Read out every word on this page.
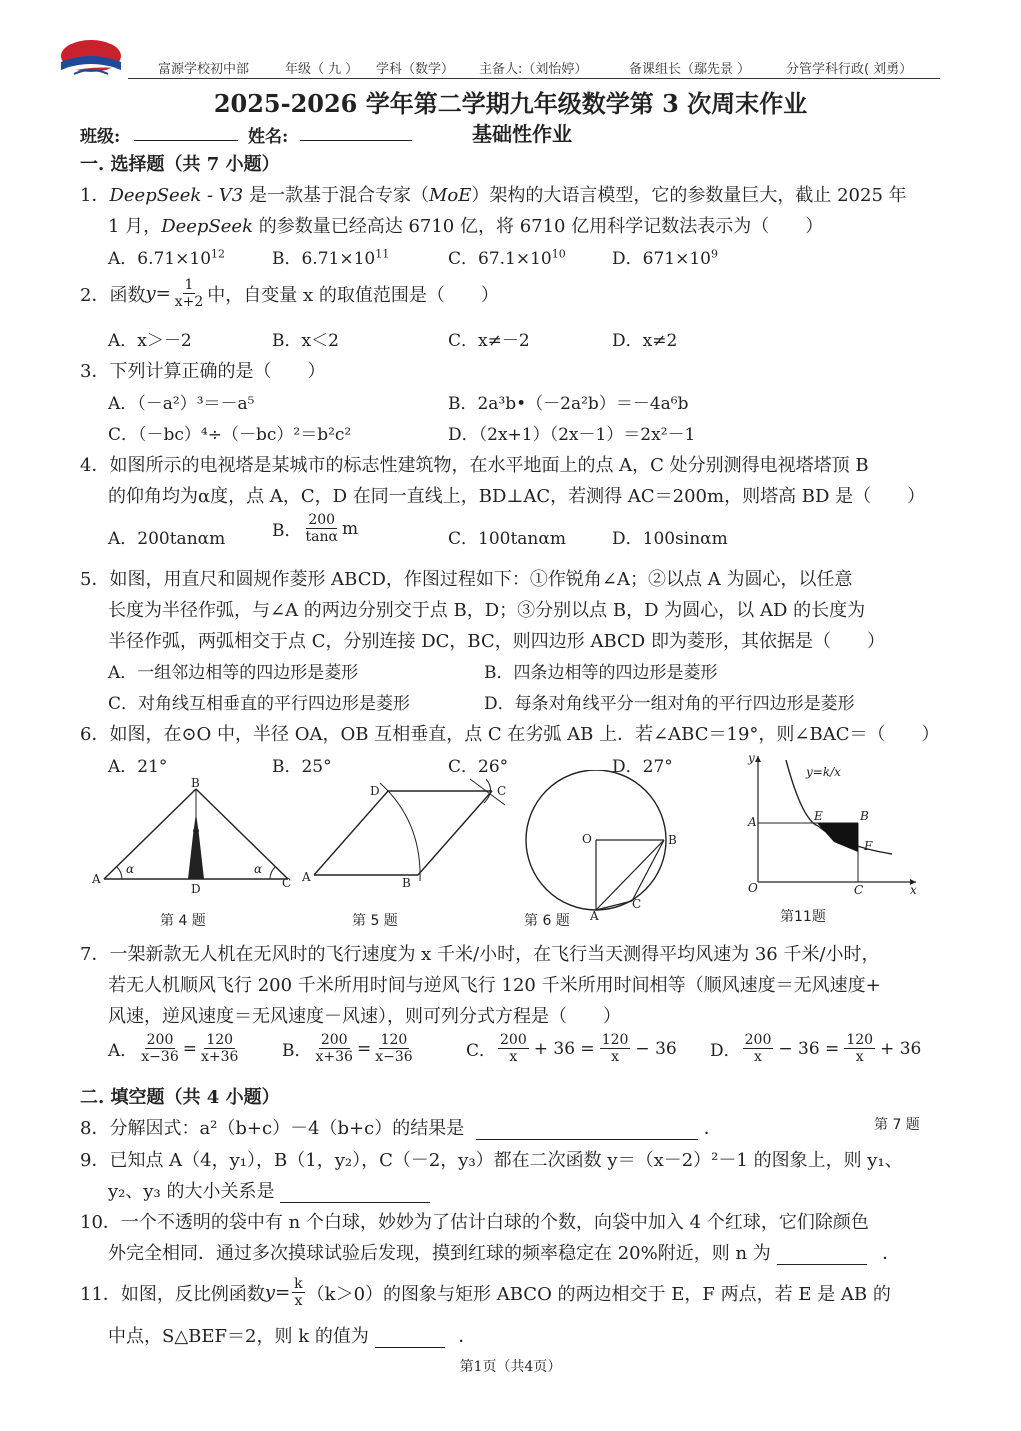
富源学校初中部	年级（ 九 ） 学科（数学） 主备人:（刘怡婷）	备课组长（鄢先景 ）	分管学科行政( 刘勇）
2025-2026 学年第二学期九年级数学第 3 次周末作业
班级:	姓名:	基础性作业
一. 选择题（共 7 小题）
1．DeepSeek - V3 是一款基于混合专家（MoE）架构的大语言模型，它的参数量巨大，截止 2025 年
1 月，DeepSeek 的参数量已经高达 6710 亿，将 6710 亿用科学记数法表示为（　　）
A．$6.71\times 10^{12}$	B．$6.71\times 10^{11}$	C．$67.1\times 10^{10}$	D．$671\times 10^9$
2．函数 $y = \frac{1}{x+2}$ 中，自变量 x 的取值范围是（　　）
A．x＞－2	B．x＜2	C．x≠－2	D．x≠2
3．下列计算正确的是（　　）
A．（－a²）³＝－a⁵	B．2a³b•（－2a²b）＝－4a⁶b
C．（－bc）⁴÷（－bc）²＝b²c²	D．（2x+1）（2x－1）＝2x²－1
4．如图所示的电视塔是某城市的标志性建筑物，在水平地面上的点 A，C 处分别测得电视塔塔顶 B
的仰角均为α度，点 A，C，D 在同一直线上，BD⊥AC，若测得 AC＝200m，则塔高 BD 是（　　）
A．200tanαm	B． $\frac{200}{\tan\alpha}$ m
C．100tanαm	D．100sinαm
5．如图，用直尺和圆规作菱形 ABCD，作图过程如下：①作锐角∠A；②以点 A 为圆心，以任意
长度为半径作弧，与∠A 的两边分别交于点 B，D；③分别以点 B，D 为圆心，以 AD 的长度为
半径作弧，两弧相交于点 C，分别连接 DC，BC，则四边形 ABCD 即为菱形，其依据是（　　）
A．一组邻边相等的四边形是菱形	B．四条边相等的四边形是菱形
C．对角线互相垂直的平行四边形是菱形	D．每条对角线平分一组对角的平行四边形是菱形
6．如图，在⊙O 中，半径 OA，OB 互相垂直，点 C 在劣弧 AB 上．若∠ABC＝19°，则∠BAC＝（　　）
A．21°	B．25°	C．26°	D．27°
A
B
C
D
α	α
第 4 题
A	B
C
D
第 5 题
O
A
B
C
第 6 题
y
x
O
A	E	B
F
C
y=k/x
第11题
7．一架新款无人机在无风时的飞行速度为 x 千米/小时，在飞行当天测得平均风速为 36 千米/小时，
若无人机顺风飞行 200 千米所用时间与逆风飞行 120 千米所用时间相等（顺风速度＝无风速度+
风速，逆风速度＝无风速度－风速），则可列分式方程是（　　）
A． $\frac{200}{x-36} = \frac{120}{x+36}$ B． $\frac{200}{x+36} = \frac{120}{x-36}$	C． $\frac{200}{x} + 36 = \frac{120}{x} - 36$ D． $\frac{200}{x} - 36 = \frac{120}{x} + 36$
二. 填空题（共 4 小题）
8．分解因式：a²（b+c）－4（b+c）的结果是	．	第 7 题
9．已知点 A（4，y₁），B（1，y₂），C（－2，y₃）都在二次函数 y＝（x－2）²－1 的图象上，则 y₁、
y₂、y₃ 的大小关系是
10．一个不透明的袋中有 n 个白球，妙妙为了估计白球的个数，向袋中加入 4 个红球，它们除颜色
外完全相同．通过多次摸球试验后发现，摸到红球的频率稳定在 20%附近，则 n 为	．
11．如图，反比例函数 $y= \frac{k}{x} (k>0)$的图象与矩形 ABCO 的两边相交于 E，F 两点，若 E 是 AB 的
中点，S△BEF＝2，则 k 的值为	．
第1页（共4页）
